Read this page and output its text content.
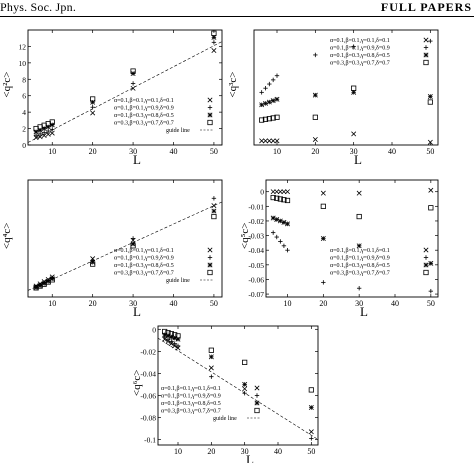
Phys. Soc. Jpn.	FULL PAPERS
10	20	30	40	50
0
2
4
6
8
10
12
<q²c>
L
α=0.1,β=0.1,γ=0.1,δ=0.1
α=0.1,β=0.1,γ=0.9,δ=0.9
α=0.1,β=0.3,γ=0.8,δ=0.5
α=0.3,β=0.3,γ=0.7,δ=0.7
guide line
10	20	30	40	50
<q³c>
L
α=0.1,β=0.1,γ=0.1,δ=0.1
α=0.1,β=0.1,γ=0.9,δ=0.9
α=0.1,β=0.3,γ=0.8,δ=0.5
α=0.3,β=0.3,γ=0.7,δ=0.7
10	20	30	40	50
<q⁴c>
L
α=0.1,β=0.1,γ=0.1,δ=0.1
α=0.1,β=0.1,γ=0.9,δ=0.9
α=0.1,β=0.3,γ=0.8,δ=0.5
α=0.3,β=0.3,γ=0.7,δ=0.7
guide line
10	20	30	40	50
0
-0.01
-0.02
-0.03
-0.04
-0.05
-0.06
-0.07
<q⁵c>
L
α=0.1,β=0.1,γ=0.1,δ=0.1
α=0.1,β=0.1,γ=0.9,δ=0.9
α=0.1,β=0.3,γ=0.8,δ=0.5
α=0.3,β=0.3,γ=0.7,δ=0.7
10	20	30	40	50
0
-0.02
-0.04
-0.06
-0.08
-0.1
<q⁶c>
L
α=0.1,β=0.1,γ=0.1,δ=0.1
α=0.1,β=0.1,γ=0.9,δ=0.9
α=0.1,β=0.3,γ=0.8,δ=0.5
α=0.3,β=0.3,γ=0.7,δ=0.7
guide line
